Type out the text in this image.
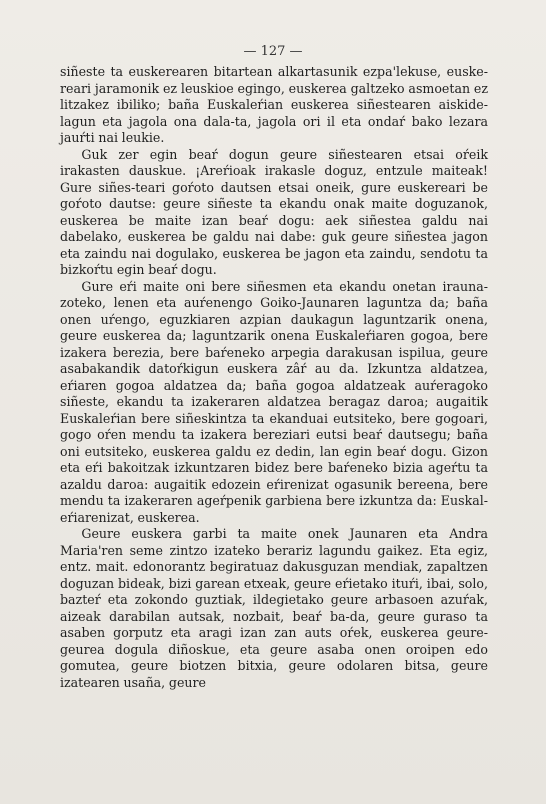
— 127 —

siñeste ta euskerearen bitartean alkartasunik ezpa'lekuse, euske-reari jaramonik ez leuskioe egingo, euskerea galtzeko asmoetan ez litzakez ibiliko; baña Euskaleŕian euskerea siñestearen aiskide-lagun eta jagola ona dala-ta, jagola ori il eta ondaŕ bako lezara jauŕti nai leukie.

Guk zer egin beaŕ dogun geure siñestearen etsai oŕeik irakasten dauskue. ¡Areŕioak irakasle doguz, entzule maiteak! Gure siñes-teari goŕoto dautsen etsai oneik, gure euskereari be goŕoto dautse: geure siñeste ta ekandu onak maite doguzanok, euskerea be maite izan beaŕ dogu: aek siñestea galdu nai dabelako, euskerea be galdu nai dabe: guk geure siñestea jagon eta zaindu nai dogulako, euskerea be jagon eta zaindu, sendotu ta bizkoŕtu egin beaŕ dogu.

Gure eŕi maite oni bere siñesmen eta ekandu onetan irauna-zoteko, lenen eta auŕenengo Goiko-Jaunaren laguntza da; baña onen uŕengo, eguzkiaren azpian daukagun laguntzarik onena, geure euskerea da; laguntzarik onena Euskaleŕiaren gogoa, bere izakera berezia, bere baŕeneko arpegia darakusan ispilua, geure asabakandik datoŕkigun euskera zâŕ au da. Izkuntza aldatzea, eŕiaren gogoa aldatzea da; baña gogoa aldatzeak auŕeragoko siñeste, ekandu ta izakeraren aldatzea beragaz daroa; augaitik Euskaleŕian bere siñeskintza ta ekanduai eutsiteko, bere gogoari, gogo oŕen mendu ta izakera bereziari eutsi beaŕ dautsegu; baña oni eutsiteko, euskerea galdu ez dedin, lan egin beaŕ dogu. Gizon eta eŕi bakoitzak izkuntzaren bidez bere baŕeneko bizia ageŕtu ta azaldu daroa: augaitik edozein eŕirenizat ogasunik bereena, bere mendu ta izakeraren ageŕpenik garbiena bere izkuntza da: Euskal-eŕiarenizat, euskerea.

Geure euskera garbi ta maite onek Jaunaren eta Andra Maria'ren seme zintzo izateko berariz lagundu gaikez. Eta egiz, entz. mait. edonorantz begiratuaz dakusguzan mendiak, zapaltzen doguzan bideak, bizi garean etxeak, geure eŕietako ituŕi, ibai, solo, bazteŕ eta zokondo guztiak, ildegietako geure arbasoen azuŕak, aizeak darabilan autsak, nozbait, beaŕ ba-da, geure guraso ta asaben gorputz eta aragi izan zan auts oŕek, euskerea geure-geurea dogula diñoskue, eta geure asaba onen oroipen edo gomutea, geure biotzen bitxia, geure odolaren bitsa, geure izatearen usaña, geure
